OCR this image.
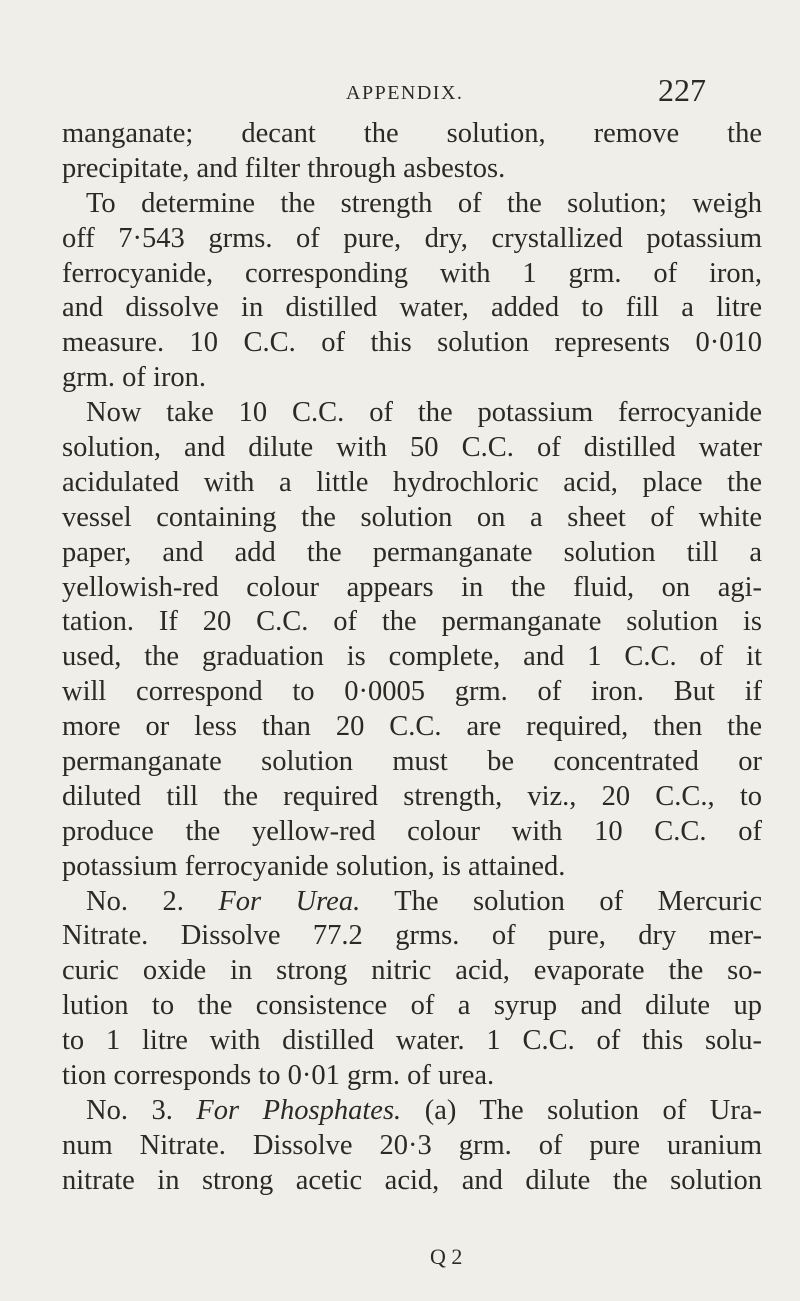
APPENDIX.	227
manganate; decant the solution, remove the
precipitate, and filter through asbestos.
To determine the strength of the solution; weigh
off 7·543 grms. of pure, dry, crystallized potassium
ferrocyanide, corresponding with 1 grm. of iron,
and dissolve in distilled water, added to fill a litre
measure. 10 C.C. of this solution represents 0·010
grm. of iron.
Now take 10 C.C. of the potassium ferrocyanide
solution, and dilute with 50 C.C. of distilled water
acidulated with a little hydrochloric acid, place the
vessel containing the solution on a sheet of white
paper, and add the permanganate solution till a
yellowish-red colour appears in the fluid, on agi-
tation. If 20 C.C. of the permanganate solution is
used, the graduation is complete, and 1 C.C. of it
will correspond to 0·0005 grm. of iron. But if
more or less than 20 C.C. are required, then the
permanganate solution must be concentrated or
diluted till the required strength, viz., 20 C.C., to
produce the yellow-red colour with 10 C.C. of
potassium ferrocyanide solution, is attained.
No. 2. For Urea. The solution of Mercuric
Nitrate. Dissolve 77.2 grms. of pure, dry mer-
curic oxide in strong nitric acid, evaporate the so-
lution to the consistence of a syrup and dilute up
to 1 litre with distilled water. 1 C.C. of this solu-
tion corresponds to 0·01 grm. of urea.
No. 3. For Phosphates. (a) The solution of Ura-
num Nitrate. Dissolve 20·3 grm. of pure uranium
nitrate in strong acetic acid, and dilute the solution
Q 2
